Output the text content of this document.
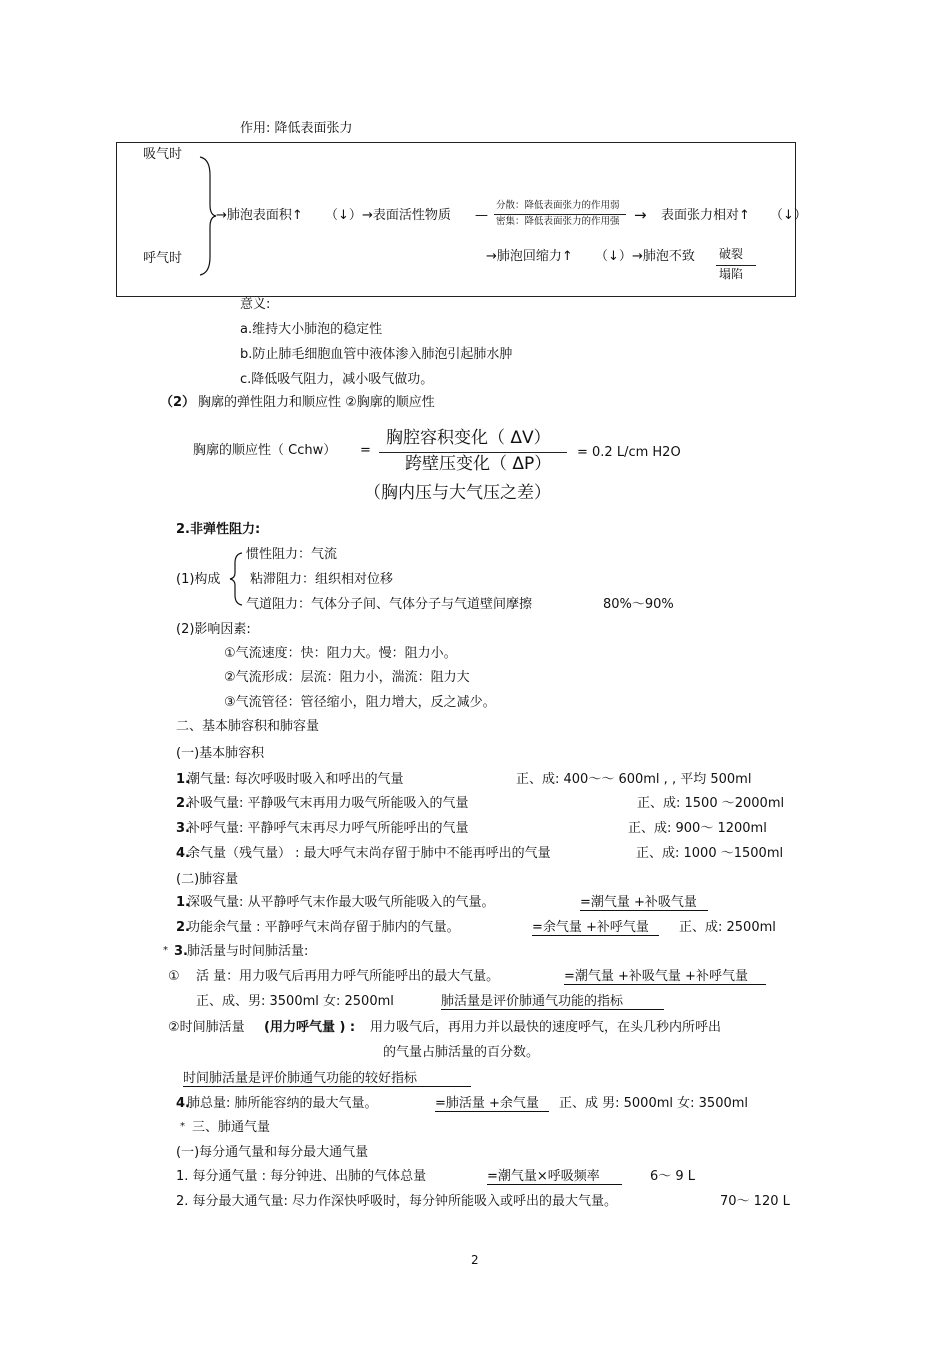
作用: 降低表面张力
吸气时
呼气时
→肺泡表面积↑ （↓） →表面活性物质 —
分散：降低表面张力的作用弱
密集：降低表面张力的作用强 → 表面张力相对↑ （↓）
→肺泡回缩力↑ （↓） →肺泡不致 破裂
塌陷
意义:
a.维持大小肺泡的稳定性
b.防止肺毛细胞血管中液体渗入肺泡引起肺水肿
c.降低吸气阻力，减小吸气做功。
（2） 胸廓的弹性阻力和顺应性 ②胸廓的顺应性
胸廓的顺应性（ Cchw） =
胸腔容积变化（ ΔV）
跨壁压变化（ ΔP）
= 0.2 L/cm H2O
（胸内压与大气压之差）
2.非弹性阻力:
(1)构成
惯性阻力：气流
粘滞阻力：组织相对位移
气道阻力：气体分子间、气体分子与气道壁间摩擦	80%～90%
(2)影响因素:
①气流速度：快：阻力大。慢：阻力小。
②气流形成：层流：阻力小，湍流：阻力大
③气流管径：管径缩小，阻力增大，反之减少。
二、基本肺容积和肺容量
(一)基本肺容积
1.
潮气量: 每次呼吸时吸入和呼出的气量	正、成: 400～～ 600ml , , 平均 500ml
2.
补吸气量: 平静吸气末再用力吸气所能吸入的气量	正、成: 1500 ～2000ml
3.
补呼气量: 平静呼气末再尽力呼气所能呼出的气量	正、成: 900～ 1200ml
4.
余气量（残气量） : 最大呼气末尚存留于肺中不能再呼出的气量	正、成: 1000 ～1500ml
(二)肺容量
1.
深吸气量: 从平静呼气末作最大吸气所能吸入的气量。	=潮气量 +补吸气量
2.
功能余气量 : 平静呼气末尚存留于肺内的气量。	=余气量 +补呼气量	正、成: 2500ml
* 3. 肺活量与时间肺活量:
① 活 量：用力吸气后再用力呼气所能呼出的最大气量。	=潮气量 +补吸气量 +补呼气量
正、成、男: 3500ml 女: 2500ml	肺活量是评价肺通气功能的指标
②时间肺活量 (用力呼气量 ) : 用力吸气后，再用力并以最快的速度呼气，在头几秒内所呼出
的气量占肺活量的百分数。
时间肺活量是评价肺通气功能的较好指标
4.
肺总量: 肺所能容纳的最大气量。	=肺活量 +余气量	正、成 男: 5000ml 女: 3500ml
* 三、肺通气量
(一)每分通气量和每分最大通气量
1. 每分通气量 : 每分钟进、出肺的气体总量	=潮气量×呼吸频率	6～ 9 L
2. 每分最大通气量: 尽力作深快呼吸时，每分钟所能吸入或呼出的最大气量。	70～ 120 L
2
